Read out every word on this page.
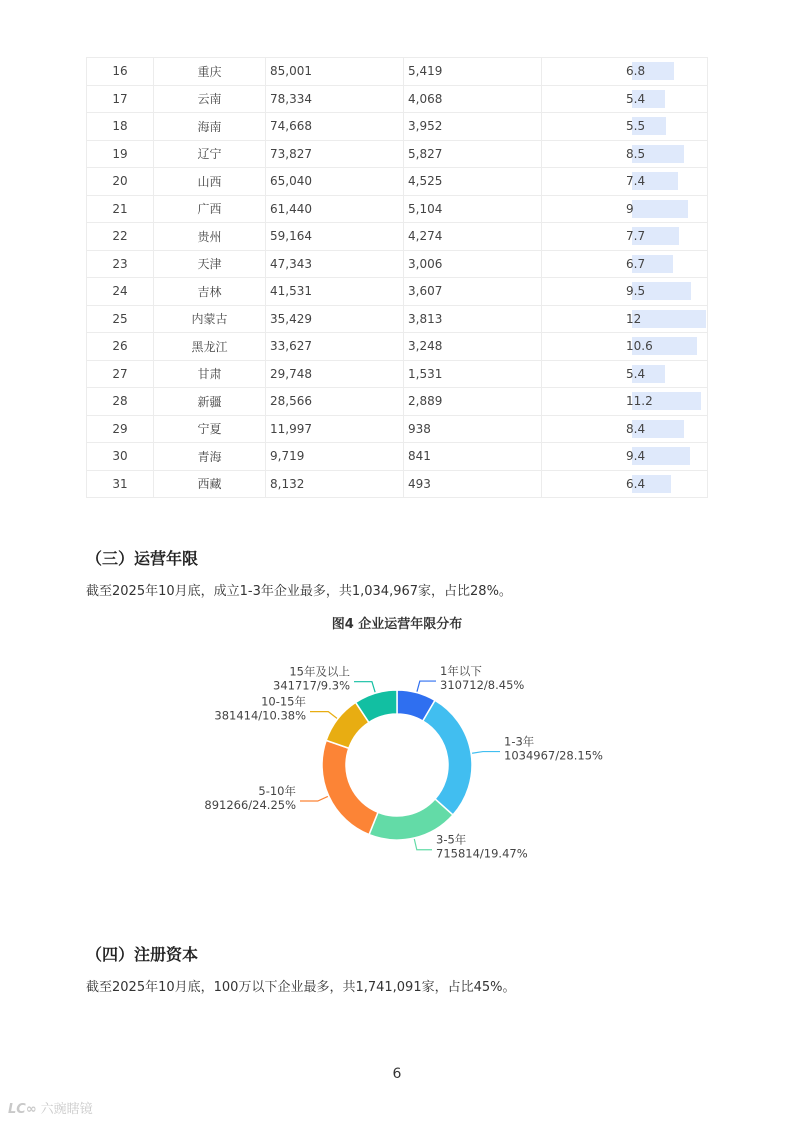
16	重庆	85,001	5,419	6.8

17	云南	78,334	4,068	5.4

18	海南	74,668	3,952	5.5

19	辽宁	73,827	5,827	8.5

20	山西	65,040	4,525	7.4

21	广西	61,440	5,104	9

22	贵州	59,164	4,274	7.7

23	天津	47,343	3,006	6.7

24	吉林	41,531	3,607	9.5

25	内蒙古	35,429	3,813	12

26	黑龙江	33,627	3,248	10.6

27	甘肃	29,748	1,531	5.4

28	新疆	28,566	2,889	11.2

29	宁夏	11,997	938	8.4

30	青海	9,719	841	9.4

31	西藏	8,132	493	6.4
（三）运营年限
截至2025年10月底，成立1-3年企业最多，共1,034,967家，占比28%。
图4 企业运营年限分布
1年以下
310712/8.45%
1-3年
1034967/28.15%
3-5年
715814/19.47%
5-10年
891266/24.25%
10-15年
381414/10.38%
15年及以上
341717/9.3%
（四）注册资本
截至2025年10月底，100万以下企业最多，共1,741,091家，占比45%。
6
LC∞ 六豌瞎镜
